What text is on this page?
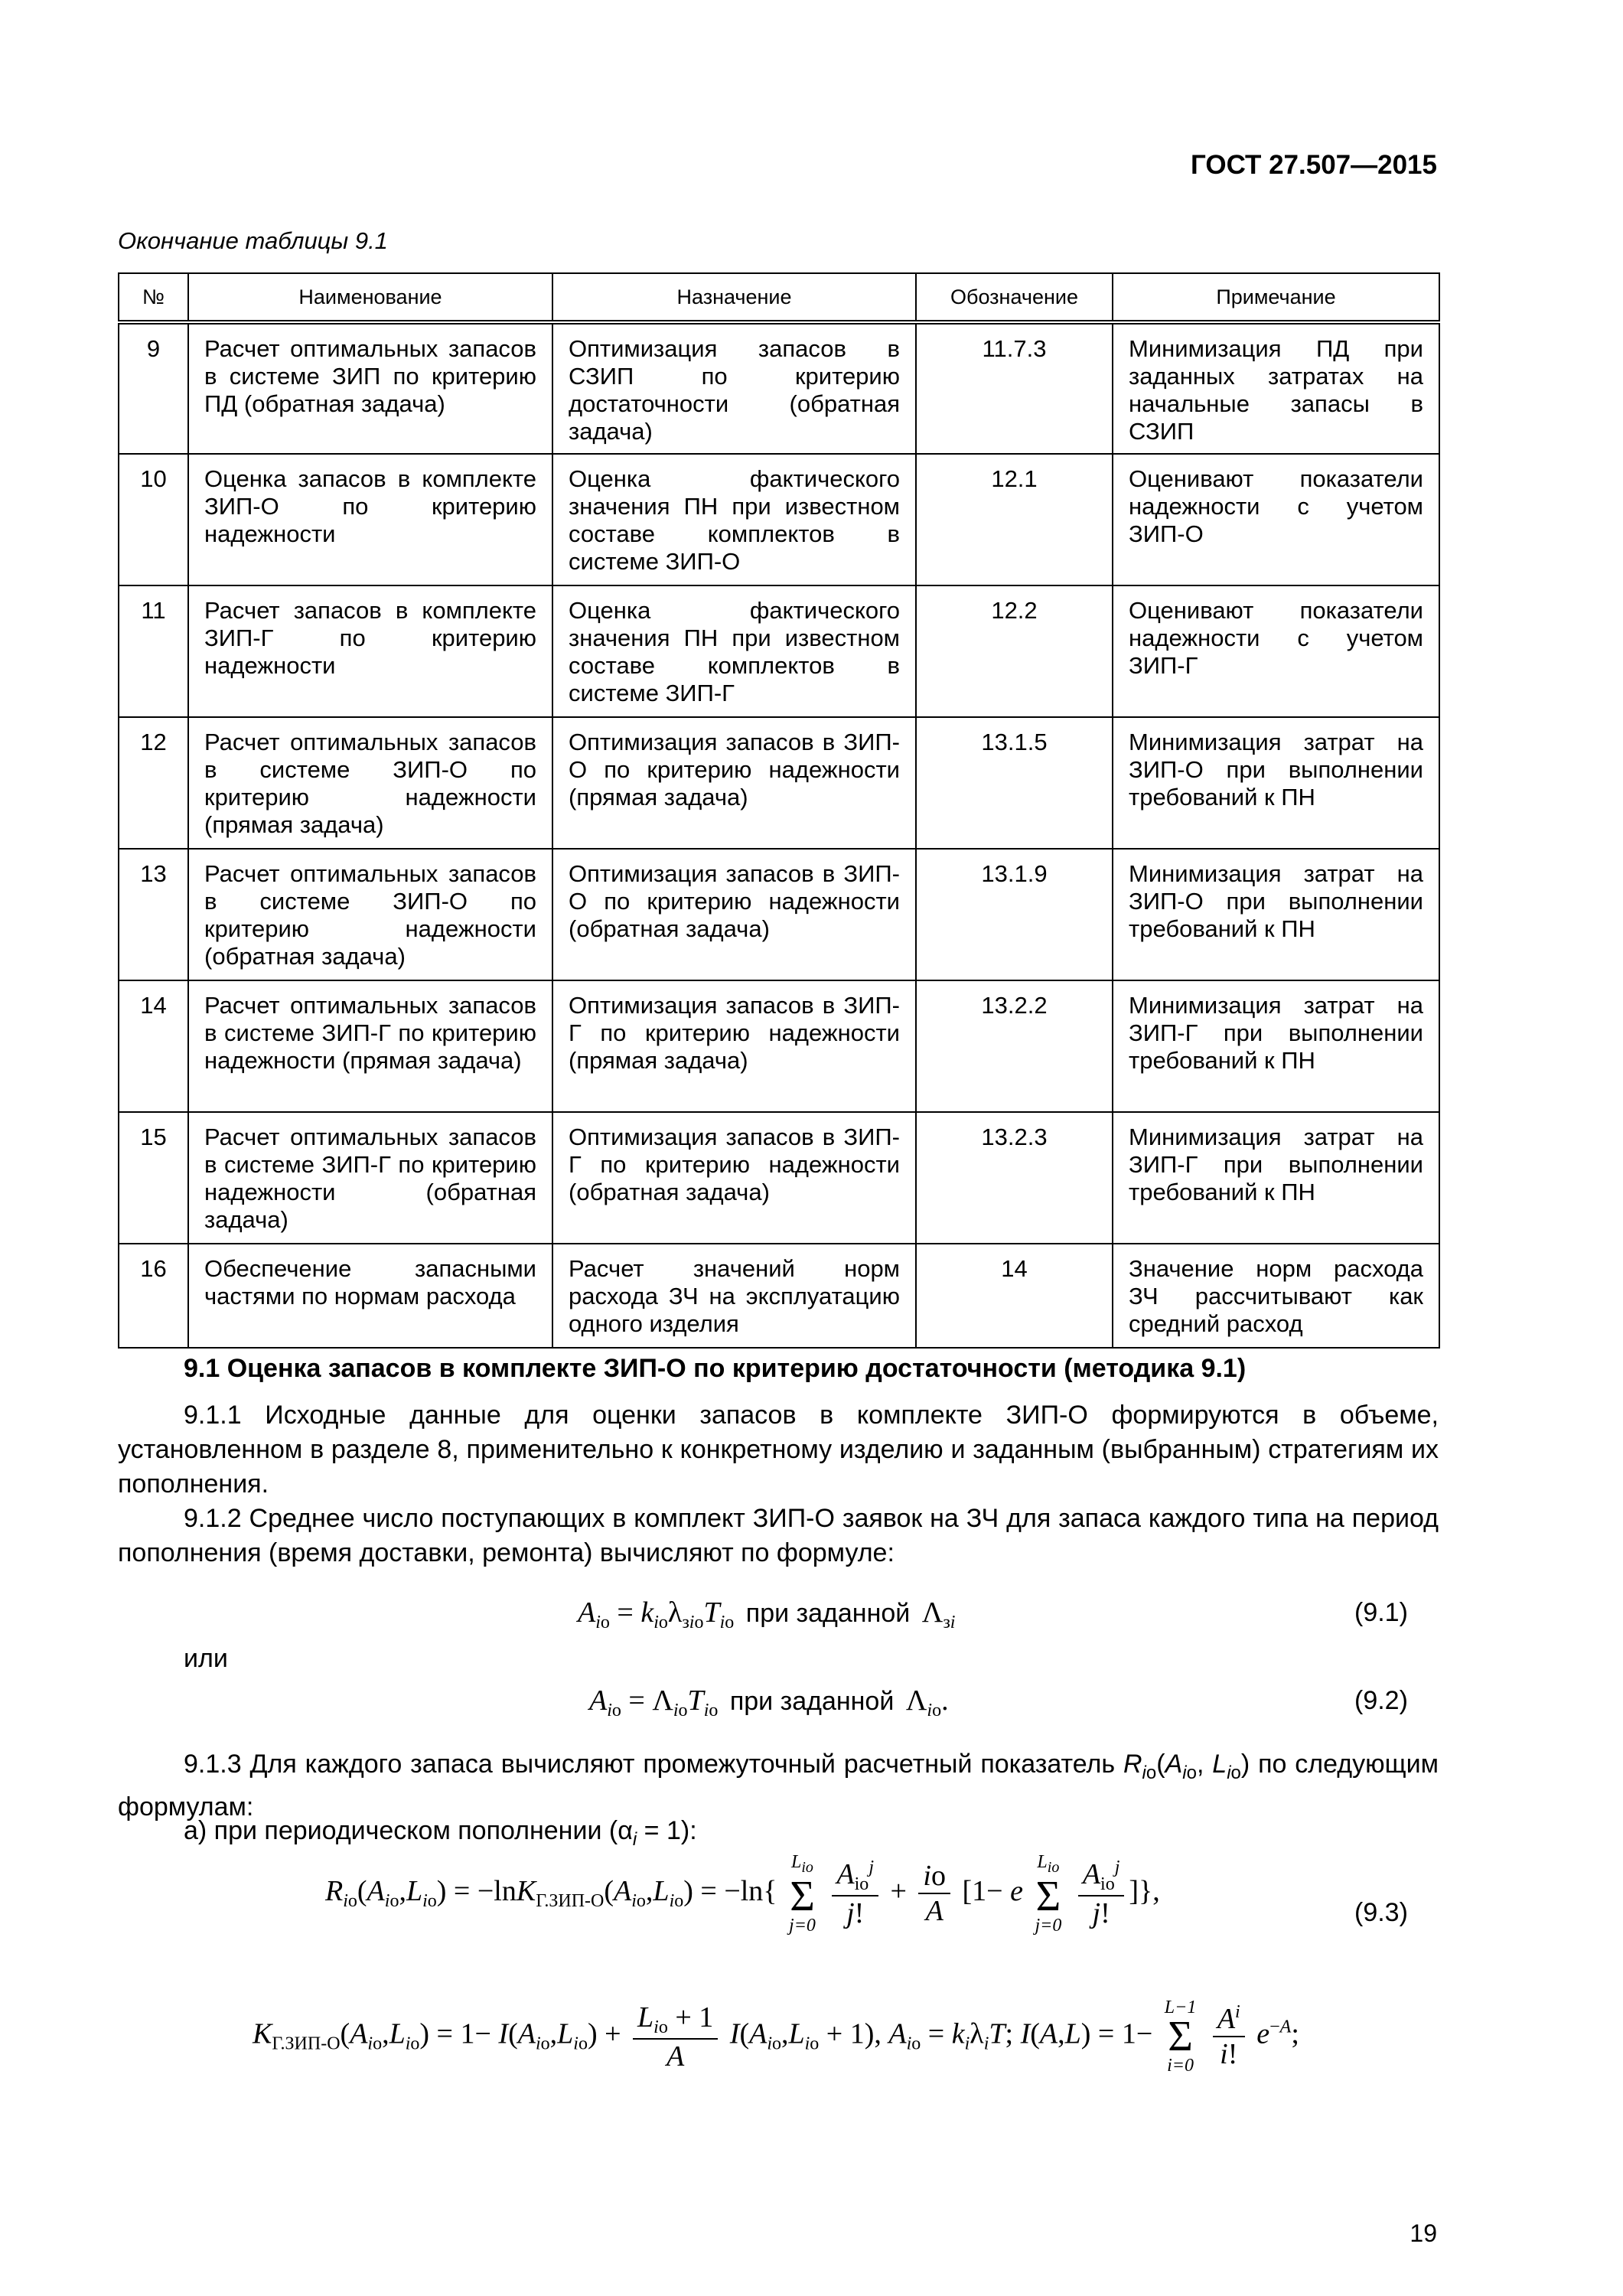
ГОСТ 27.507—2015
Окончание таблицы 9.1
№	Наименование	Назначение	Обозначение	Примечание
9	Расчет оптимальных запасов в системе ЗИП по критерию ПД (обратная задача)	Оптимизация запасов в СЗИП по критерию достаточности (обратная задача)	11.7.3	Минимизация ПД при заданных затратах на начальные запасы в СЗИП
10	Оценка запасов в комплекте ЗИП-О по критерию надежности	Оценка фактического значения ПН при известном составе комплектов в системе ЗИП-О	12.1	Оценивают показатели надежности с учетом ЗИП-О
11	Расчет запасов в комплекте ЗИП-Г по критерию надежности	Оценка фактического значения ПН при известном составе комплектов в системе ЗИП-Г	12.2	Оценивают показатели надежности с учетом ЗИП-Г
12	Расчет оптимальных запасов в системе ЗИП-О по критерию надежности (прямая задача)	Оптимизация запасов в ЗИП-О по критерию надежности (прямая задача)	13.1.5	Минимизация затрат на ЗИП-О при выполнении требований к ПН
13	Расчет оптимальных запасов в системе ЗИП-О по критерию надежности (обратная задача)	Оптимизация запасов в ЗИП-О по критерию надежности (обратная задача)	13.1.9	Минимизация затрат на ЗИП-О при выполнении требований к ПН
14	Расчет оптимальных запасов в системе ЗИП-Г по критерию надежности (прямая задача)	Оптимизация запасов в ЗИП-Г по критерию надежности (прямая задача)	13.2.2	Минимизация затрат на ЗИП-Г при выполнении требований к ПН
15	Расчет оптимальных запасов в системе ЗИП-Г по критерию надежности (обратная задача)	Оптимизация запасов в ЗИП-Г по критерию надежности (обратная задача)	13.2.3	Минимизация затрат на ЗИП-Г при выполнении требований к ПН
16	Обеспечение запасными частями по нормам расхода	Расчет значений норм расхода ЗЧ на эксплуатацию одного изделия	14	Значение норм расхода ЗЧ рассчитывают как средний расход
9.1 Оценка запасов в комплекте ЗИП-О по критерию достаточности (методика 9.1)

9.1.1 Исходные данные для оценки запасов в комплекте ЗИП-О формируются в объеме, установленном в разделе 8, применительно к конкретному изделию и заданным (выбранным) стратегиям их пополнения.

9.1.2 Среднее число поступающих в комплект ЗИП-О заявок на ЗЧ для запаса каждого типа на период пополнения (время доставки, ремонта) вычисляют по формуле:

$A_{iо} = k_{iо}\lambda_{зiо}T_{iо}$ при заданной $\Lambda_{зi}$	(9.1)
или
$A_{iо} = \Lambda_{iо}T_{iо}$ при заданной $\Lambda_{iо}$.	(9.2)

9.1.3 Для каждого запаса вычисляют промежуточный расчетный показатель $R_{io}(A_{io}$, $L_{io}$) по следующим формулам:

а) при периодическом пополнении $(\alpha_i = 1)$:
$R_{io}(A_{io},L_{io}) = -\ln K_{Г.ЗИП-О}(A_{io},L_{io}) = -\ln${
$L_{io}$
Σ
j=0
$\frac{A_{io}^j}{j!} + \frac{io}{A} [1- e$
$L_{io}$
Σ
j=0
$\frac{A_{io}^j}{j!}$ ]},
(9.3)
$K_{Г.ЗИП-О}(A_{io},L_{io}) = 1- I(A_{io},L_{io}) + \frac{L_{io} + 1}{A} I(A_{io},L_{io} + 1)$, $A_{io} = k_i\lambda_iT$; I(A,L) = 1−
L−1
Σ
i=0
$\frac{A^i}{i!} e^{-A}$;
19
